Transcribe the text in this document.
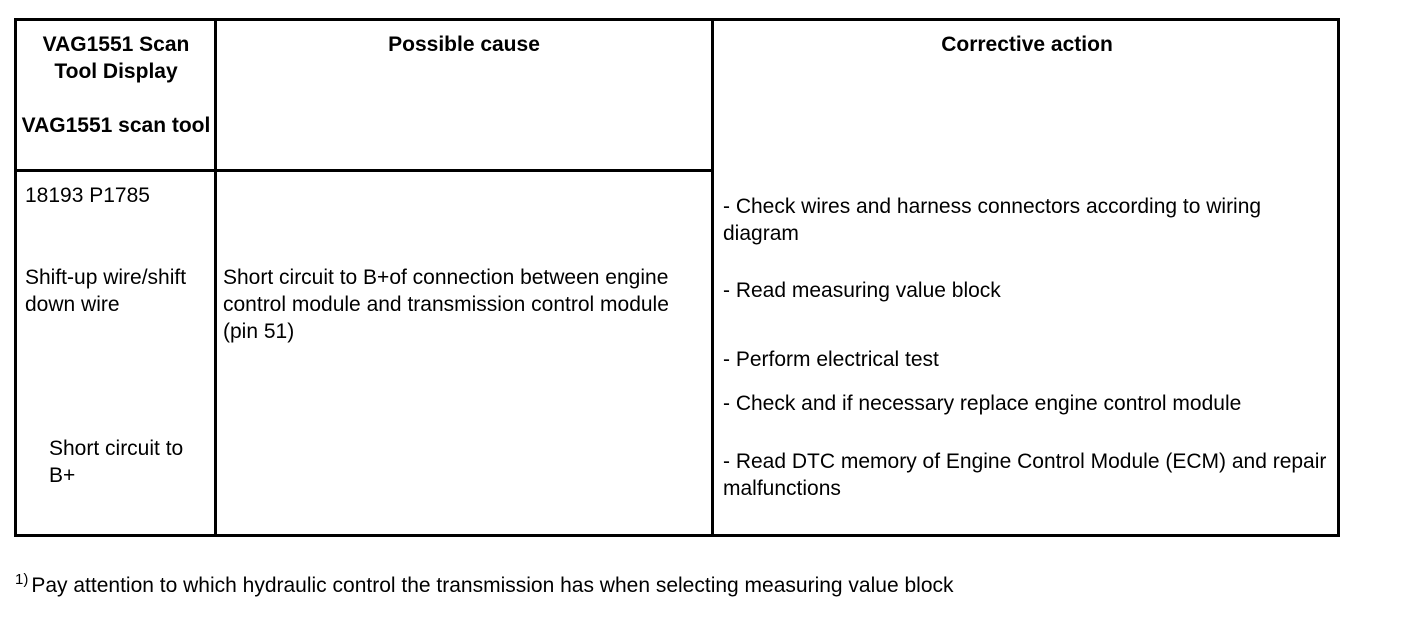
VAG1551 Scan Tool Display
VAG1551 scan tool
Possible cause	Corrective action
18193 P1785
Shift-up wire/shift down wire
Short circuit to B+
Short circuit to B+of connection between engine control module and transmission control module (pin 51)
- Check wires and harness connectors according to wiring diagram
- Read measuring value block
- Perform electrical test
- Check and if necessary replace engine control module
- Read DTC memory of Engine Control Module (ECM) and repair malfunctions
$^{1)}$ Pay attention to which hydraulic control the transmission has when selecting measuring value block
